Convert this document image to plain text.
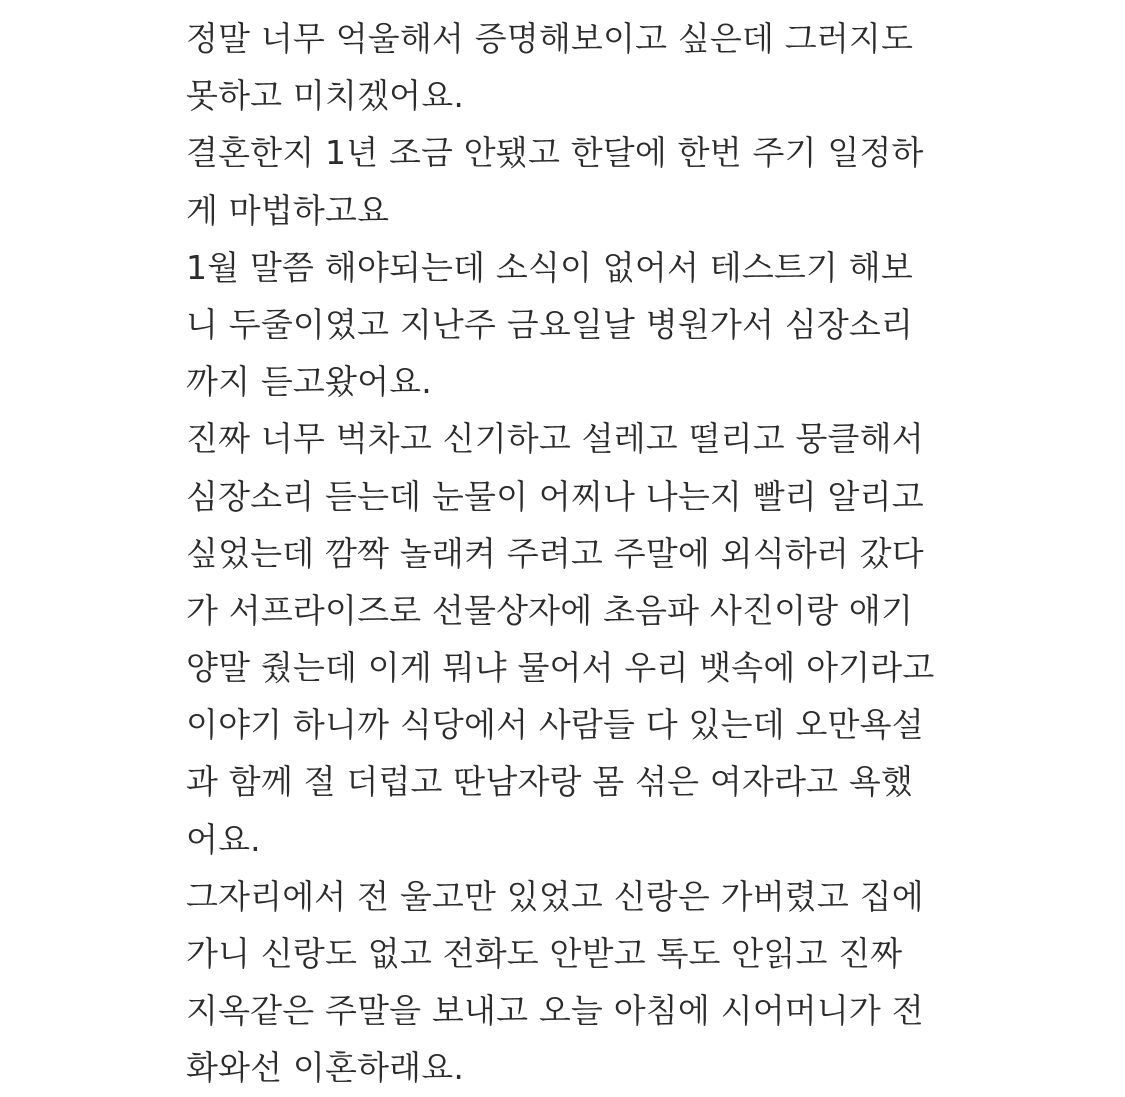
정말 너무 억울해서 증명해보이고 싶은데 그러지도
못하고 미치겠어요.
결혼한지 1년 조금 안됐고 한달에 한번 주기 일정하
게 마법하고요
1월 말쯤 해야되는데 소식이 없어서 테스트기 해보
니 두줄이였고 지난주 금요일날 병원가서 심장소리
까지 듣고왔어요.
진짜 너무 벅차고 신기하고 설레고 떨리고 뭉클해서
심장소리 듣는데 눈물이 어찌나 나는지 빨리 알리고
싶었는데 깜짝 놀래켜 주려고 주말에 외식하러 갔다
가 서프라이즈로 선물상자에 초음파 사진이랑 애기
양말 줬는데 이게 뭐냐 물어서 우리 뱃속에 아기라고
이야기 하니까 식당에서 사람들 다 있는데 오만욕설
과 함께 절 더럽고 딴남자랑 몸 섞은 여자라고 욕했
어요.
그자리에서 전 울고만 있었고 신랑은 가버렸고 집에
가니 신랑도 없고 전화도 안받고 톡도 안읽고 진짜
지옥같은 주말을 보내고 오늘 아침에 시어머니가 전
화와선 이혼하래요.
